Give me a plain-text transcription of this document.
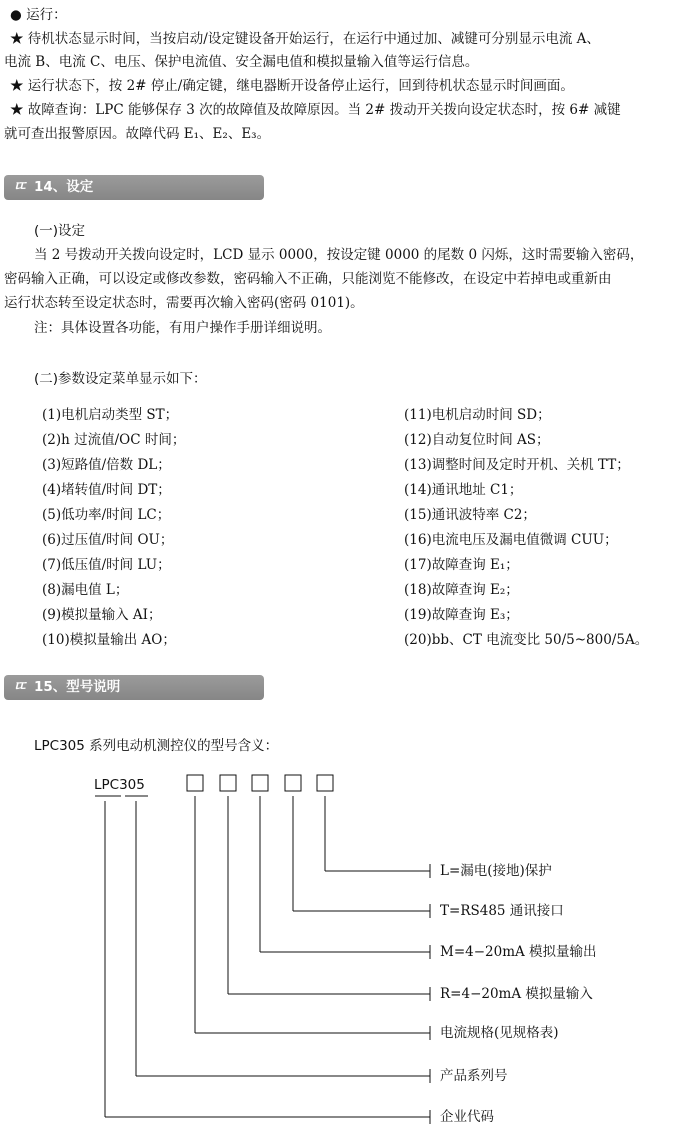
● 运行：
★ 待机状态显示时间，当按启动/设定键设备开始运行，在运行中通过加、减键可分别显示电流 A、
电流 B、电流 C、电压、保护电流值、安全漏电值和模拟量输入值等运行信息。
★ 运行状态下，按 2# 停止/确定键，继电器断开设备停止运行，回到待机状态显示时间画面。
★ 故障查询：LPC 能够保存 3 次的故障值及故障原因。当 2# 拨动开关拨向设定状态时，按 6# 减键
就可查出报警原因。故障代码 E₁、E₂、E₃。
ㄸ 14、设定
(一)设定
当 2 号拨动开关拨向设定时，LCD 显示 0000，按设定键 0000 的尾数 0 闪烁，这时需要输入密码，
密码输入正确，可以设定或修改参数，密码输入不正确，只能浏览不能修改，在设定中若掉电或重新由
运行状态转至设定状态时，需要再次输入密码(密码 0101)。
注：具体设置各功能，有用户操作手册详细说明。
(二)参数设定菜单显示如下：
(1)电机启动类型 ST；
(2)h 过流值/OC 时间；
(3)短路值/倍数 DL；
(4)堵转值/时间 DT；
(5)低功率/时间 LC；
(6)过压值/时间 OU；
(7)低压值/时间 LU；
(8)漏电值 L；
(9)模拟量输入 AI；
(10)模拟量输出 AO；
(11)电机启动时间 SD；
(12)自动复位时间 AS；
(13)调整时间及定时开机、关机 TT；
(14)通讯地址 C1；
(15)通讯波特率 C2；
(16)电流电压及漏电值微调 CUU；
(17)故障查询 E₁；
(18)故障查询 E₂；
(19)故障查询 E₃；
(20)bb、CT 电流变比 50/5~800/5A。
ㄸ 15、型号说明
LPC305 系列电动机测控仪的型号含义：
LPC305
L=漏电(接地)保护
T=RS485 通讯接口
M=4−20mA 模拟量输出
R=4−20mA 模拟量输入
电流规格(见规格表)
产品系列号
企业代码
